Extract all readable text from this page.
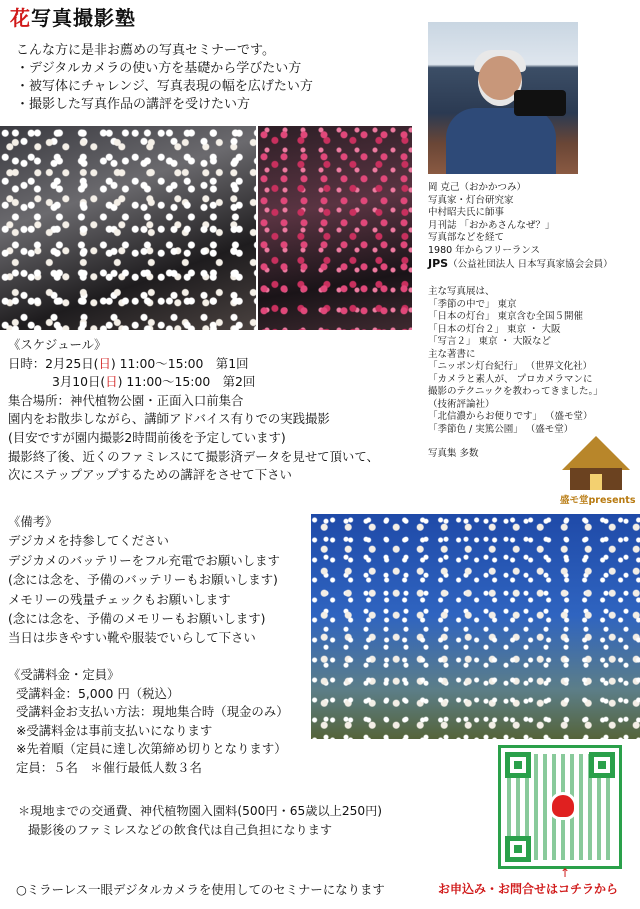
花写真撮影塾
こんな方に是非お薦めの写真セミナーです。
・デジタルカメラの使い方を基礎から学びたい方
・被写体にチャレンジ、写真表現の幅を広げたい方
・撮影した写真作品の講評を受けたい方
岡 克己（おかかつみ）
写真家・灯台研究家
中村昭夫氏に師事
月刊誌 「おかあさんなぜ？」
写真部などを経て
1980 年からフリーランス
JPS（公益社団法人 日本写真家協会会員）
主な写真展は、
「季節の中で」 東京
「日本の灯台」 東京含む全国５開催
「日本の灯台２」 東京 ・ 大阪
「写言２」 東京 ・ 大阪など
主な著書に
「ニッポン灯台紀行」 （世界文化社）
「カメラと素人が、 プロカメラマンに
撮影のテクニックを教わってきました。」
（技術評論社）
「北信濃からお便りです」 （盛モ堂）
「季節色 / 実篤公園」 （盛モ堂）
写真集 多数
盛モ堂presents
《スケジュール》
日時：2月25日(日) 11:00～15:00　第1回
3月10日(日) 11:00～15:00　第2回
集合場所：神代植物公園・正面入口前集合
園内をお散歩しながら、講師アドバイス有りでの実践撮影
(目安ですが園内撮影2時間前後を予定しています)
撮影終了後、近くのファミレスにて撮影済データを見せて頂いて、
次にステップアップするための講評をさせて下さい
《備考》
デジカメを持参してください
デジカメのバッテリーをフル充電でお願いします
(念には念を、予備のバッテリーもお願いします)
メモリーの残量チェックもお願いします
(念には念を、予備のメモリーもお願いします)
当日は歩きやすい靴や服装でいらして下さい
《受講料金・定員》
受講料金：5,000 円（税込）
受講料金お支払い方法：現地集合時（現金のみ）
※受講料金は事前支払いになります
※先着順（定員に達し次第締め切りとなります）
定員：５名　＊催行最低人数３名
＊現地までの交通費、神代植物園入園料(500円・65歳以上250円)
撮影後のファミレスなどの飲食代は自己負担になります
↑
お申込み・お問合せはコチラから
○ミラーレス一眼デジタルカメラを使用してのセミナーになります
